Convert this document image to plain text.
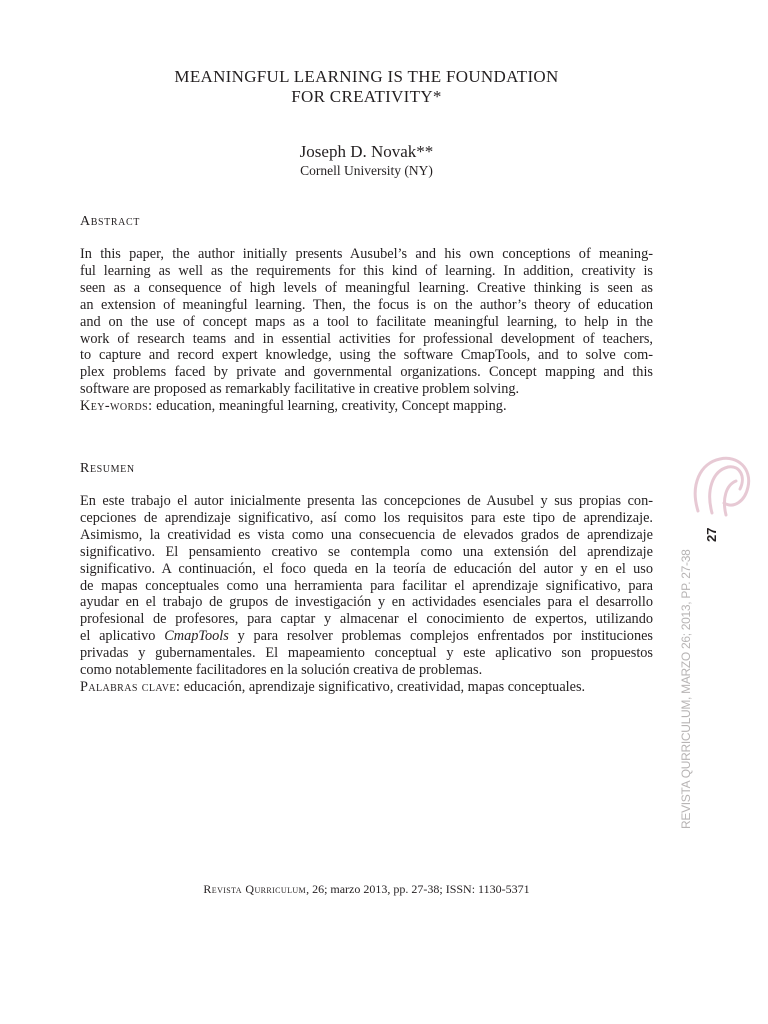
MEANINGFUL LEARNING IS THE FOUNDATION
FOR CREATIVITY*
Joseph D. Novak**
Cornell University (NY)
Abstract
In this paper, the author initially presents Ausubel’s and his own conceptions of meaning-
ful learning as well as the requirements for this kind of learning. In addition, creativity is
seen as a consequence of high levels of meaningful learning. Creative thinking is seen as
an extension of meaningful learning. Then, the focus is on the author’s theory of education
and on the use of concept maps as a tool to facilitate meaningful learning, to help in the
work of research teams and in essential activities for professional development of teachers,
to capture and record expert knowledge, using the software CmapTools, and to solve com-
plex problems faced by private and governmental organizations. Concept mapping and this
software are proposed as remarkably facilitative in creative problem solving.
Key-words: education, meaningful learning, creativity, Concept mapping.
Resumen
En este trabajo el autor inicialmente presenta las concepciones de Ausubel y sus propias con-
cepciones de aprendizaje significativo, así como los requisitos para este tipo de aprendizaje.
Asimismo, la creatividad es vista como una consecuencia de elevados grados de aprendizaje
significativo. El pensamiento creativo se contempla como una extensión del aprendizaje
significativo. A continuación, el foco queda en la teoría de educación del autor y en el uso
de mapas conceptuales como una herramienta para facilitar el aprendizaje significativo, para
ayudar en el trabajo de grupos de investigación y en actividades esenciales para el desarrollo
profesional de profesores, para captar y almacenar el conocimiento de expertos, utilizando
el aplicativo CmapTools y para resolver problemas complejos enfrentados por instituciones
privadas y gubernamentales. El mapeamiento conceptual y este aplicativo son propuestos
como notablemente facilitadores en la solución creativa de problemas.
Palabras clave: educación, aprendizaje significativo, creatividad, mapas conceptuales.
Revista Qurriculum, 26; marzo 2013, pp. 27-38; ISSN: 1130-5371
27
REVISTA QURRICULUM, MARZO 26; 2013, PP. 27-38
